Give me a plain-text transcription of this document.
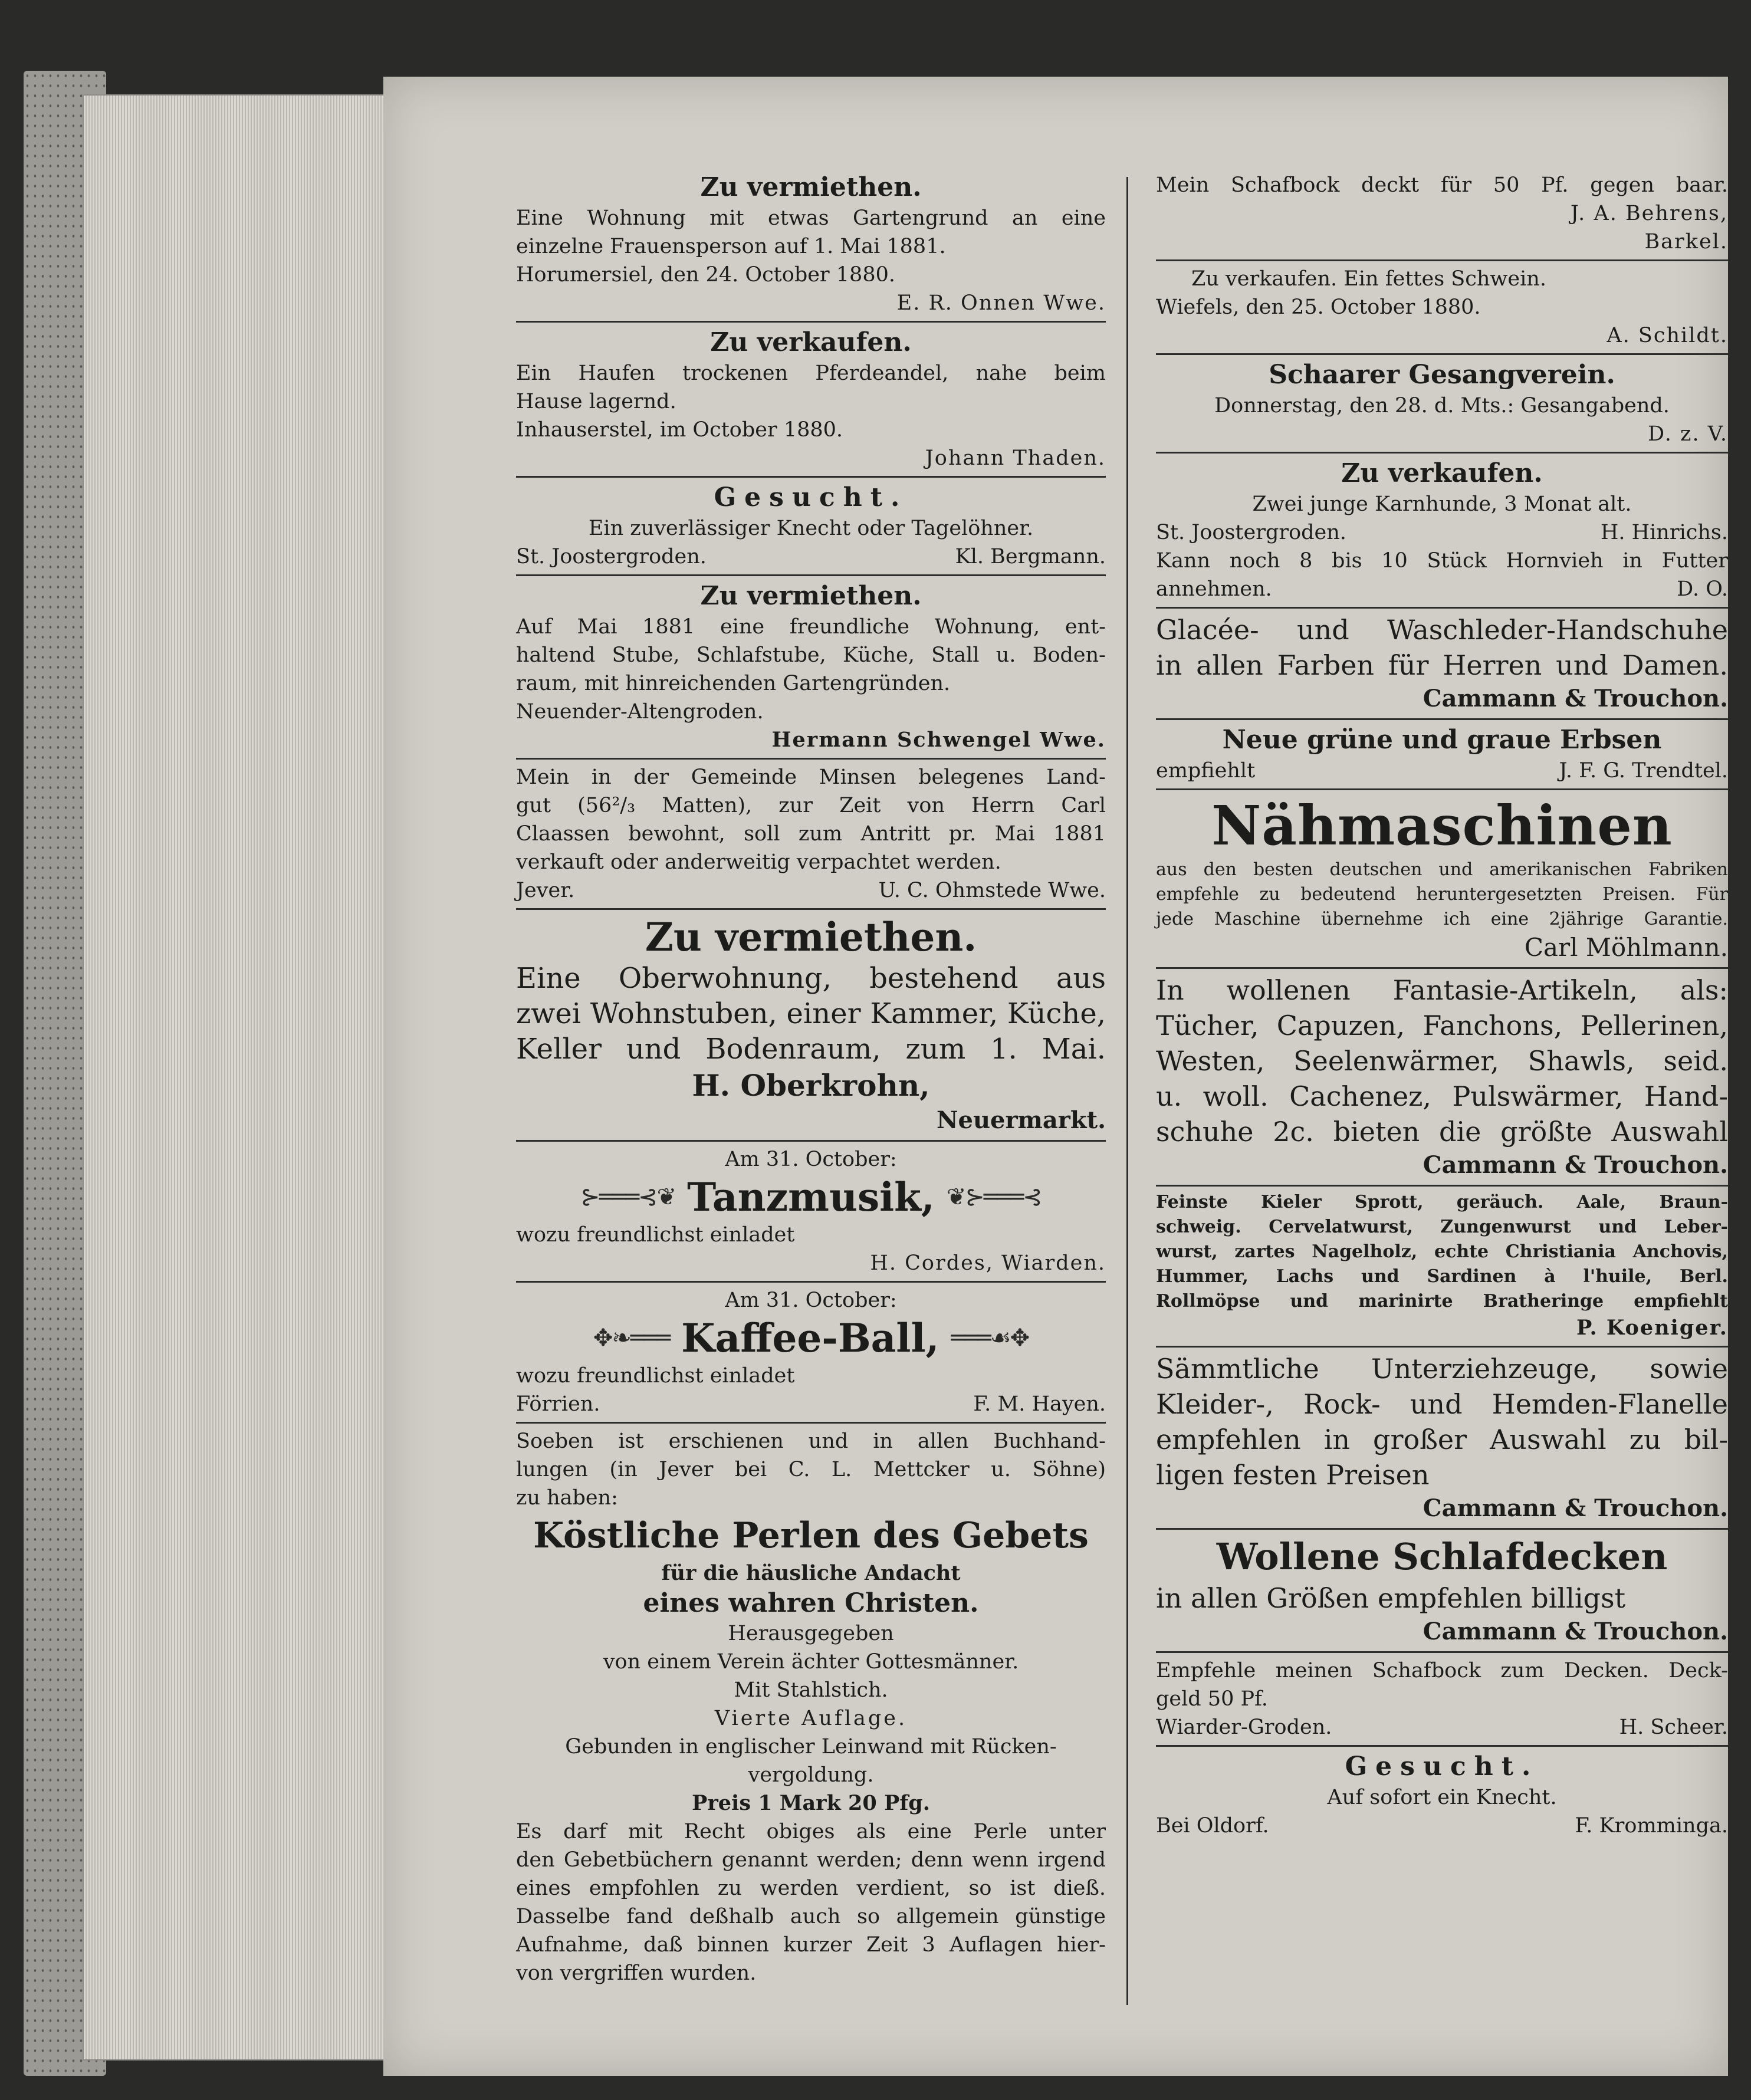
Zu vermiethen.

Eine Wohnung mit etwas Gartengrund an eine

einzelne Frauensperson auf 1. Mai 1881.

Horumersiel, den 24. October 1880.

E. R. Onnen Wwe.
Zu verkaufen.

Ein Haufen trockenen Pferdeandel, nahe beim

Hause lagernd.

Inhauserstel, im October 1880.

Johann Thaden.
Gesucht.

Ein zuverlässiger Knecht oder Tagelöhner.

St. Joostergroden.	Kl. Bergmann.
Zu vermiethen.

Auf Mai 1881 eine freundliche Wohnung, ent-

haltend Stube, Schlafstube, Küche, Stall u. Boden-

raum, mit hinreichenden Gartengründen.

Neuender-Altengroden.

Hermann Schwengel Wwe.

Mein in der Gemeinde Minsen belegenes Land-

gut (56²/₃ Matten), zur Zeit von Herrn Carl

Claassen bewohnt, soll zum Antritt pr. Mai 1881

verkauft oder anderweitig verpachtet werden.

Jever.	U. C. Ohmstede Wwe.
Zu vermiethen.

Eine Oberwohnung, bestehend aus

zwei Wohnstuben, einer Kammer, Küche,

Keller und Bodenraum, zum 1. Mai.

H. Oberkrohn,
Neuermarkt.

Am 31. October:

⊱═══⊰❦ Tanzmusik, ❦⊱═══⊰

wozu freundlichst einladet

H. Cordes, Wiarden.

Am 31. October:

✥❧═══ Kaffee-Ball, ═══☙✥

wozu freundlichst einladet

Förrien.	F. M. Hayen.

Soeben ist erschienen und in allen Buchhand-

lungen (in Jever bei C. L. Mettcker u. Söhne)

zu haben:

Köstliche Perlen des Gebets

für die häusliche Andacht

eines wahren Christen.

Herausgegeben

von einem Verein ächter Gottesmänner.

Mit Stahlstich.

Vierte Auflage.

Gebunden in englischer Leinwand mit Rücken-

vergoldung.

Preis 1 Mark 20 Pfg.

Es darf mit Recht obiges als eine Perle unter

den Gebetbüchern genannt werden; denn wenn irgend

eines empfohlen zu werden verdient, so ist dieß.

Dasselbe fand deßhalb auch so allgemein günstige

Aufnahme, daß binnen kurzer Zeit 3 Auflagen hier-

von vergriffen wurden.

Mein Schafbock deckt für 50 Pf. gegen baar.

J. A. Behrens,
Barkel.

Zu verkaufen. Ein fettes Schwein.

Wiefels, den 25. October 1880.

A. Schildt.
Schaarer Gesangverein.

Donnerstag, den 28. d. Mts.: Gesangabend.

D. z. V.
Zu verkaufen.

Zwei junge Karnhunde, 3 Monat alt.

St. Joostergroden.	H. Hinrichs.

Kann noch 8 bis 10 Stück Hornvieh in Futter

annehmen.	D. O.

Glacée- und Waschleder-Handschuhe

in allen Farben für Herren und Damen.

Cammann & Trouchon.
Neue grüne und graue Erbsen
empfiehlt	J. F. G. Trendtel.
Nähmaschinen

aus den besten deutschen und amerikanischen Fabriken

empfehle zu bedeutend heruntergesetzten Preisen. Für

jede Maschine übernehme ich eine 2jährige Garantie.

Carl Möhlmann.

In wollenen Fantasie-Artikeln, als:

Tücher, Capuzen, Fanchons, Pellerinen,

Westen, Seelenwärmer, Shawls, seid.

u. woll. Cachenez, Pulswärmer, Hand-

schuhe 2c. bieten die größte Auswahl

Cammann & Trouchon.

Feinste Kieler Sprott, geräuch. Aale, Braun-

schweig. Cervelatwurst, Zungenwurst und Leber-

wurst, zartes Nagelholz, echte Christiania Anchovis,

Hummer, Lachs und Sardinen à l'huile, Berl.

Rollmöpse und marinirte Bratheringe empfiehlt

P. Koeniger.

Sämmtliche Unterziehzeuge, sowie

Kleider-, Rock- und Hemden-Flanelle

empfehlen in großer Auswahl zu bil-

ligen festen Preisen

Cammann & Trouchon.
Wollene Schlafdecken

in allen Größen empfehlen billigst

Cammann & Trouchon.

Empfehle meinen Schafbock zum Decken. Deck-

geld 50 Pf.

Wiarder-Groden.	H. Scheer.
Gesucht.

Auf sofort ein Knecht.

Bei Oldorf.	F. Kromminga.
